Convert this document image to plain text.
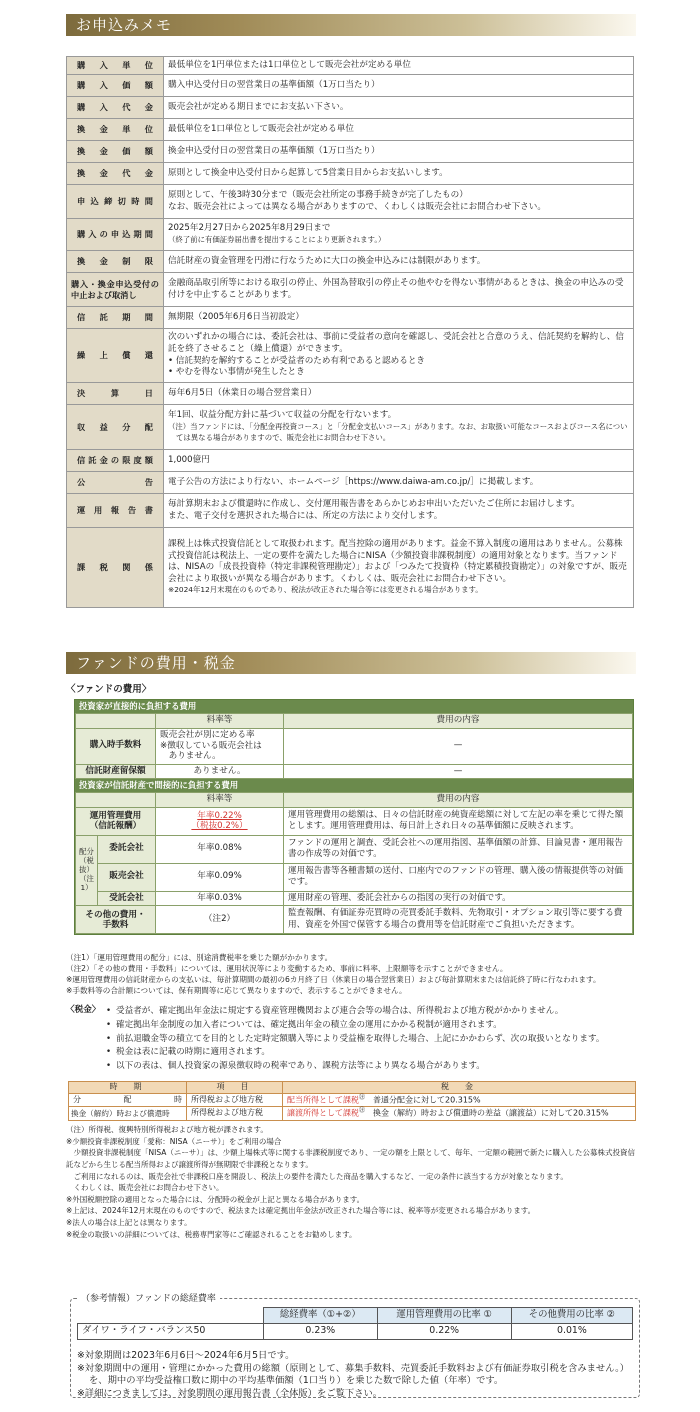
お申込みメモ
購入単位	最低単位を1円単位または1口単位として販売会社が定める単位

購入価額	購入申込受付日の翌営業日の基準価額（1万口当たり）

購入代金	販売会社が定める期日までにお支払い下さい。

換金単位	最低単位を1口単位として販売会社が定める単位

換金価額	換金申込受付日の翌営業日の基準価額（1万口当たり）

換金代金	原則として換金申込受付日から起算して5営業日目からお支払いします。

申込締切時間	原則として、午後3時30分まで（販売会社所定の事務手続きが完了したもの）
なお、販売会社によっては異なる場合がありますので、くわしくは販売会社にお問合わせ下さい。

購入の申込期間	2025年2月27日から2025年8月29日まで
（終了前に有価証券届出書を提出することにより更新されます。）

換金制限	信託財産の資金管理を円滑に行なうために大口の換金申込みには制限があります。

購入・換金申込受付の中止および取消し	金融商品取引所等における取引の停止、外国為替取引の停止その他やむを得ない事情があるときは、換金の申込みの受付けを中止することがあります。

信託期間	無期限（2005年6月6日当初設定）

繰上償還	次のいずれかの場合には、委託会社は、事前に受益者の意向を確認し、受託会社と合意のうえ、信託契約を解約し、信託を終了させること（繰上償還）ができます。
• 信託契約を解約することが受益者のため有利であると認めるとき
• やむを得ない事情が発生したとき

決算日	毎年6月5日（休業日の場合翌営業日）

収益分配	年1回、収益分配方針に基づいて収益の分配を行ないます。
（注）当ファンドには、「分配金再投資コース」と「分配金支払いコース」があります。なお、お取扱い可能なコースおよびコース名については異なる場合がありますので、販売会社にお問合わせ下さい。

信託金の限度額	1,000億円

公告	電子公告の方法により行ない、ホームページ［https://www.daiwa-am.co.jp/］に掲載します。

運用報告書	毎計算期末および償還時に作成し、交付運用報告書をあらかじめお申出いただいたご住所にお届けします。
また、電子交付を選択された場合には、所定の方法により交付します。

課税関係	課税上は株式投資信託として取扱われます。配当控除の適用があります。益金不算入制度の適用はありません。公募株式投資信託は税法上、一定の要件を満たした場合にNISA（少額投資非課税制度）の適用対象となります。当ファンドは、NISAの「成長投資枠（特定非課税管理勘定）」および「つみたて投資枠（特定累積投資勘定）」の対象ですが、販売会社により取扱いが異なる場合があります。くわしくは、販売会社にお問合わせ下さい。
※2024年12月末現在のものであり、税法が改正された場合等には変更される場合があります。
ファンドの費用・税金
〈ファンドの費用〉
投資家が直接的に負担する費用
	料率等	費用の内容
購入時手数料	販売会社が別に定める率
※徴収している販売会社は
　ありません。	—
信託財産留保額	ありません。	—
投資家が信託財産で間接的に負担する費用
		料率等	費用の内容
運用管理費用
（信託報酬）		年率0.22%
（税抜0.2%）	運用管理費用の総額は、日々の信託財産の純資産総額に対して左記の率を乗じて得た額とします。運用管理費用は、毎日計上され日々の基準価額に反映されます。
配分
（税抜）
（注1）	委託会社	年率0.08%	ファンドの運用と調査、受託会社への運用指図、基準価額の計算、目論見書・運用報告書の作成等の対価です。
	販売会社	年率0.09%	運用報告書等各種書類の送付、口座内でのファンドの管理、購入後の情報提供等の対価です。
	受託会社	年率0.03%	運用財産の管理、委託会社からの指図の実行の対価です。
その他の費用・
手数料		（注2）	監査報酬、有価証券売買時の売買委託手数料、先物取引・オプション取引等に要する費用、資産を外国で保管する場合の費用等を信託財産でご負担いただきます。
（注1）「運用管理費用の配分」には、別途消費税率を乗じた額がかかります。
（注2）「その他の費用・手数料」については、運用状況等により変動するため、事前に料率、上限額等を示すことができません。
※運用管理費用の信託財産からの支払いは、毎計算期間の最初の6カ月終了日（休業日の場合翌営業日）および毎計算期末または信託終了時に行なわれます。
※手数料等の合計額については、保有期間等に応じて異なりますので、表示することができません。
〈税金〉	• 受益者が、確定拠出年金法に規定する資産管理機関および連合会等の場合は、所得税および地方税がかかりません。
• 確定拠出年金制度の加入者については、確定拠出年金の積立金の運用にかかる税制が適用されます。
• 前払退職金等の積立てを目的とした定時定額購入等により受益権を取得した場合、上記にかかわらず、次の取扱いとなります。
• 税金は表に記載の時期に適用されます。
• 以下の表は、個人投資家の源泉徴収時の税率であり、課税方法等により異なる場合があります。
時　期	項　目	税　金
分　配　時	所得税および地方税	配当所得として課税㊟　 普通分配金に対して20.315%
換金（解約）時および償還時	所得税および地方税	譲渡所得として課税㊟　 換金（解約）時および償還時の差益（譲渡益）に対して20.315%
（注）所得税、復興特別所得税および地方税が課されます。
※少額投資非課税制度「愛称：NISA（ニーサ）」をご利用の場合
　少額投資非課税制度「NISA（ニーサ）」は、少額上場株式等に関する非課税制度であり、一定の額を上限として、毎年、一定額の範囲で新たに購入した公募株式投資信託などから生じる配当所得および譲渡所得が無期限で非課税となります。
　ご利用になれるのは、販売会社で非課税口座を開設し、税法上の要件を満たした商品を購入するなど、一定の条件に該当する方が対象となります。
　くわしくは、販売会社にお問合わせ下さい。
※外国税額控除の適用となった場合には、分配時の税金が上記と異なる場合があります。
※上記は、2024年12月末現在のものですので、税法または確定拠出年金法が改正された場合等には、税率等が変更される場合があります。
※法人の場合は上記とは異なります。
※税金の取扱いの詳細については、税務専門家等にご確認されることをお勧めします。
（参考情報）ファンドの総経費率
	総経費率（①+②）	運用管理費用の比率 ①	その他費用の比率 ②
ダイワ・ライフ・バランス50	0.23%	0.22%	0.01%
※対象期間は2023年6月6日～2024年6月5日です。
※対象期間中の運用・管理にかかった費用の総額（原則として、募集手数料、売買委託手数料および有価証券取引税を含みません。）を、期中の平均受益権口数に期中の平均基準価額（1口当り）を乗じた数で除した値（年率）です。
※詳細につきましては、対象期間の運用報告書（全体版）をご覧下さい。
